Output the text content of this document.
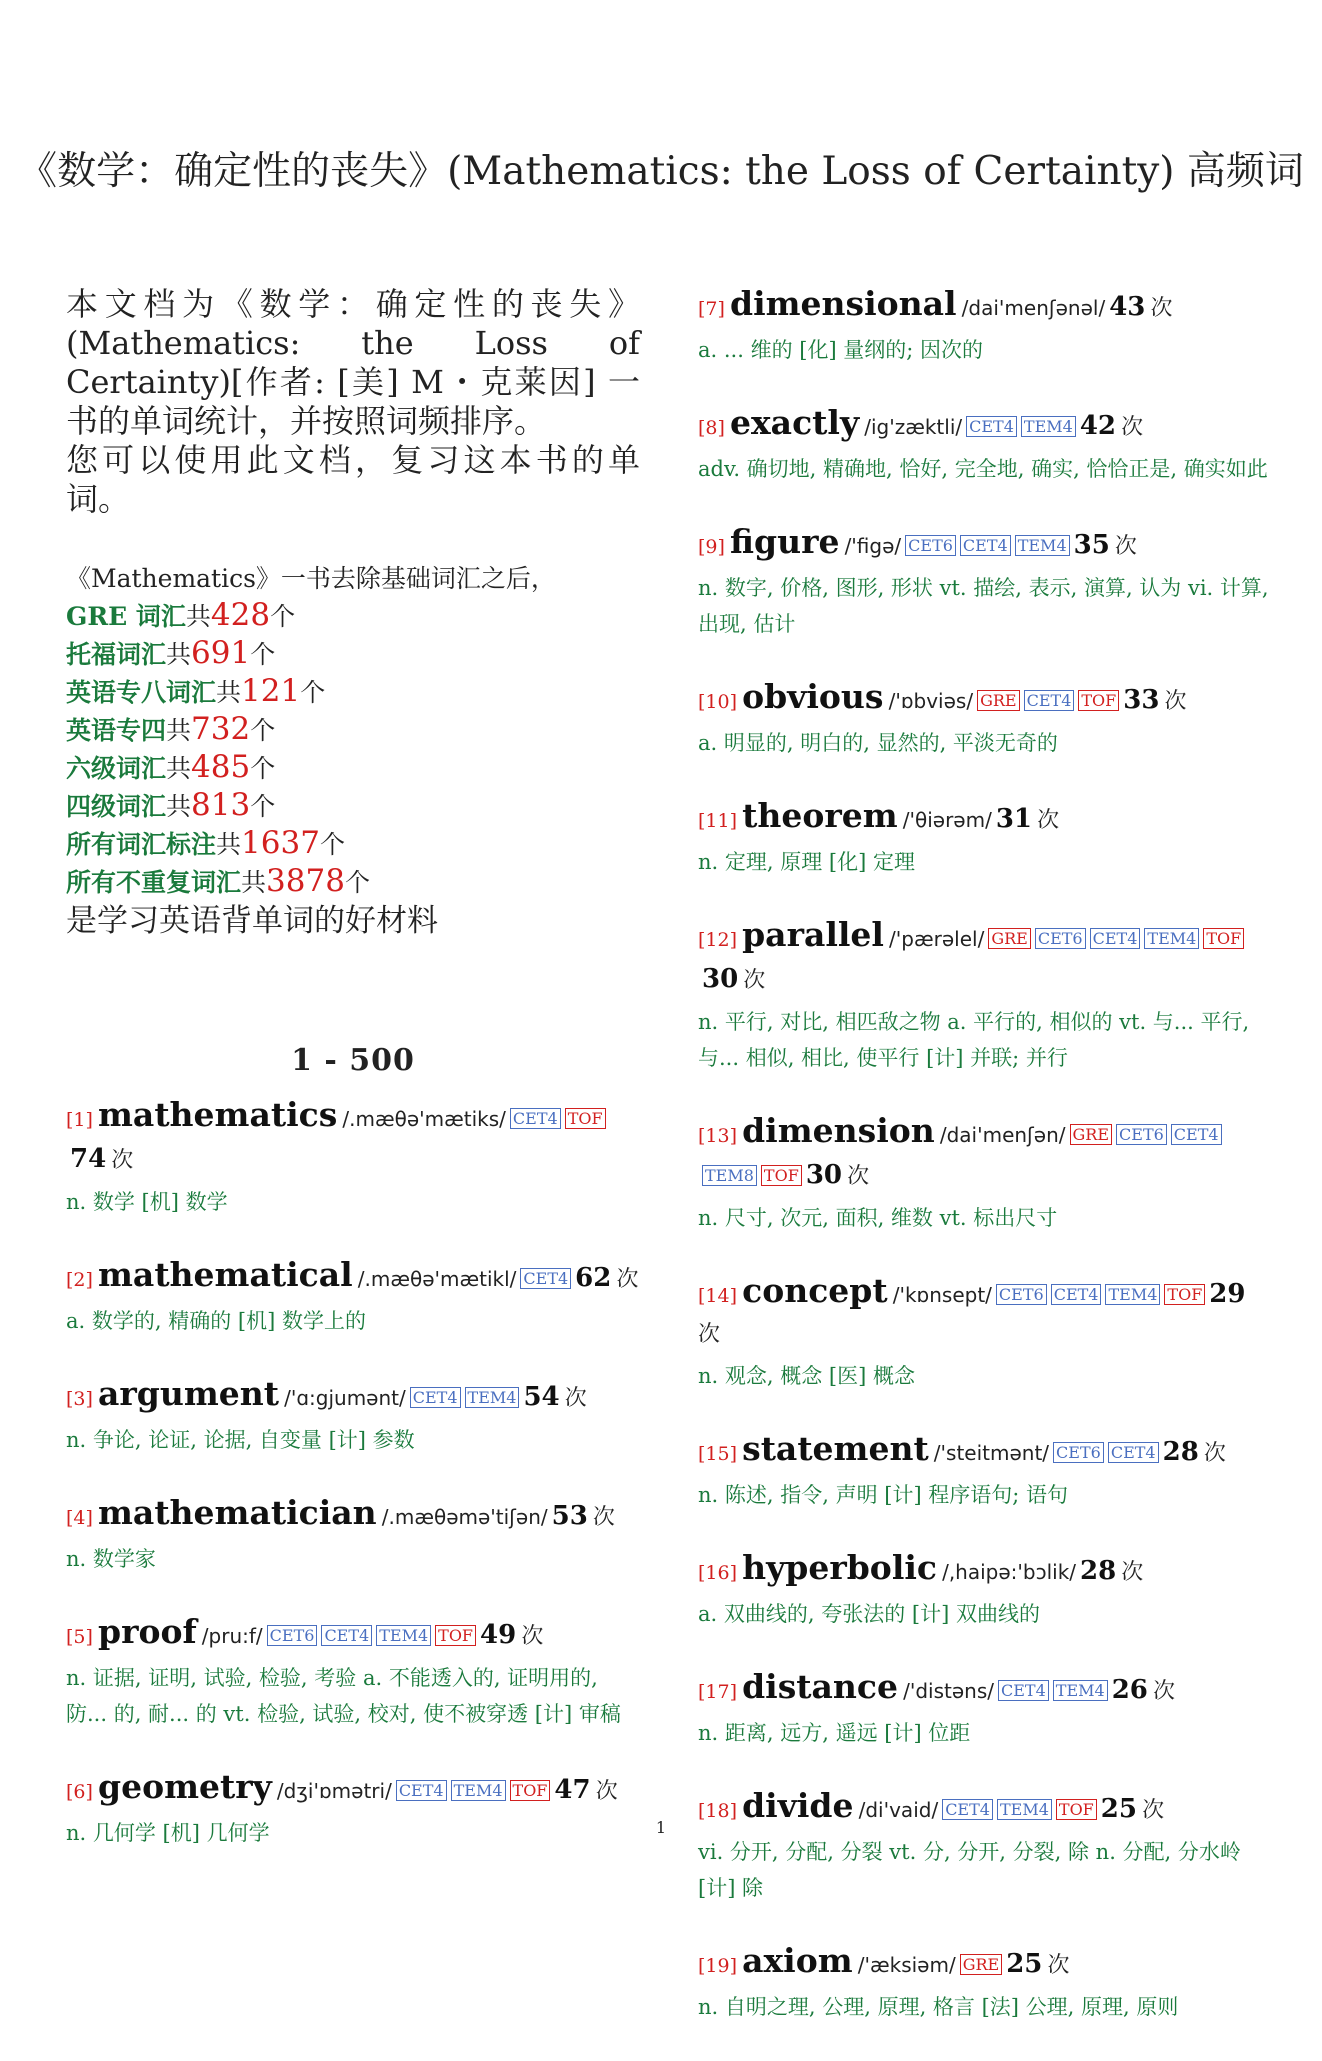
《数学：确定性的丧失》(Mathematics: the Loss of Certainty) 高频词
本文档为《数学：确定性的丧失》(Mathematics: the Loss of Certainty)[作者: [美] M・克莱因] 一书的单词统计，并按照词频排序。
您可以使用此文档，复习这本书的单词。
《Mathematics》一书去除基础词汇之后，
GRE 词汇共428个
托福词汇共691个
英语专八词汇共121个
英语专四共732个
六级词汇共485个
四级词汇共813个
所有词汇标注共1637个
所有不重复词汇共3878个
是学习英语背单词的好材料
1 - 500
[1] mathematics /.mæθə'mætiks/ CET4 TOF74 次
n. 数学 [机] 数学
[2] mathematical /.mæθə'mætikl/ CET4 62 次
a. 数学的, 精确的 [机] 数学上的
[3] argument /'ɑ:gjumənt/ CET4 TEM4 54 次
n. 争论, 论证, 论据, 自变量 [计] 参数
[4] mathematician /.mæθəmə'tiʃən/ 53 次
n. 数学家
[5] proof /pru:f/ CET6 CET4 TEM4 TOF 49 次
n. 证据, 证明, 试验, 检验, 考验 a. 不能透入的, 证明用的, 防... 的, 耐... 的 vt. 检验, 试验, 校对, 使不被穿透 [计] 审稿
[6] geometry /dʒi'ɒmətri/ CET4 TEM4 TOF 47 次
n. 几何学 [机] 几何学
[7] dimensional /dai'menʃənəl/ 43 次
a. ... 维的 [化] 量纲的; 因次的
[8] exactly /ig'zæktli/ CET4 TEM4 42 次
adv. 确切地, 精确地, 恰好, 完全地, 确实, 恰恰正是, 确实如此
[9] figure /'figə/ CET6 CET4 TEM4 35 次
n. 数字, 价格, 图形, 形状 vt. 描绘, 表示, 演算, 认为 vi. 计算, 出现, 估计
[10] obvious /'ɒbviəs/ GRE CET4 TOF 33 次
a. 明显的, 明白的, 显然的, 平淡无奇的
[11] theorem /'θiərəm/ 31 次
n. 定理, 原理 [化] 定理
[12] parallel /'pærəlel/ GRE CET6 CET4 TEM4 TOF30 次
n. 平行, 对比, 相匹敌之物 a. 平行的, 相似的 vt. 与... 平行, 与... 相似, 相比, 使平行 [计] 并联; 并行
[13] dimension /dai'menʃən/ GRE CET6 CET4TEM8 TOF 30 次
n. 尺寸, 次元, 面积, 维数 vt. 标出尺寸
[14] concept /'kɒnsept/ CET6 CET4 TEM4 TOF 29 次
n. 观念, 概念 [医] 概念
[15] statement /'steitmənt/ CET6 CET4 28 次
n. 陈述, 指令, 声明 [计] 程序语句; 语句
[16] hyperbolic /,haipə:'bɔlik/ 28 次
a. 双曲线的, 夸张法的 [计] 双曲线的
[17] distance /'distəns/ CET4 TEM4 26 次
n. 距离, 远方, 遥远 [计] 位距
[18] divide /di'vaid/ CET4 TEM4 TOF 25 次
vi. 分开, 分配, 分裂 vt. 分, 分开, 分裂, 除 n. 分配, 分水岭 [计] 除
[19] axiom /'æksiəm/ GRE 25 次
n. 自明之理, 公理, 原理, 格言 [法] 公理, 原理, 原则
1
